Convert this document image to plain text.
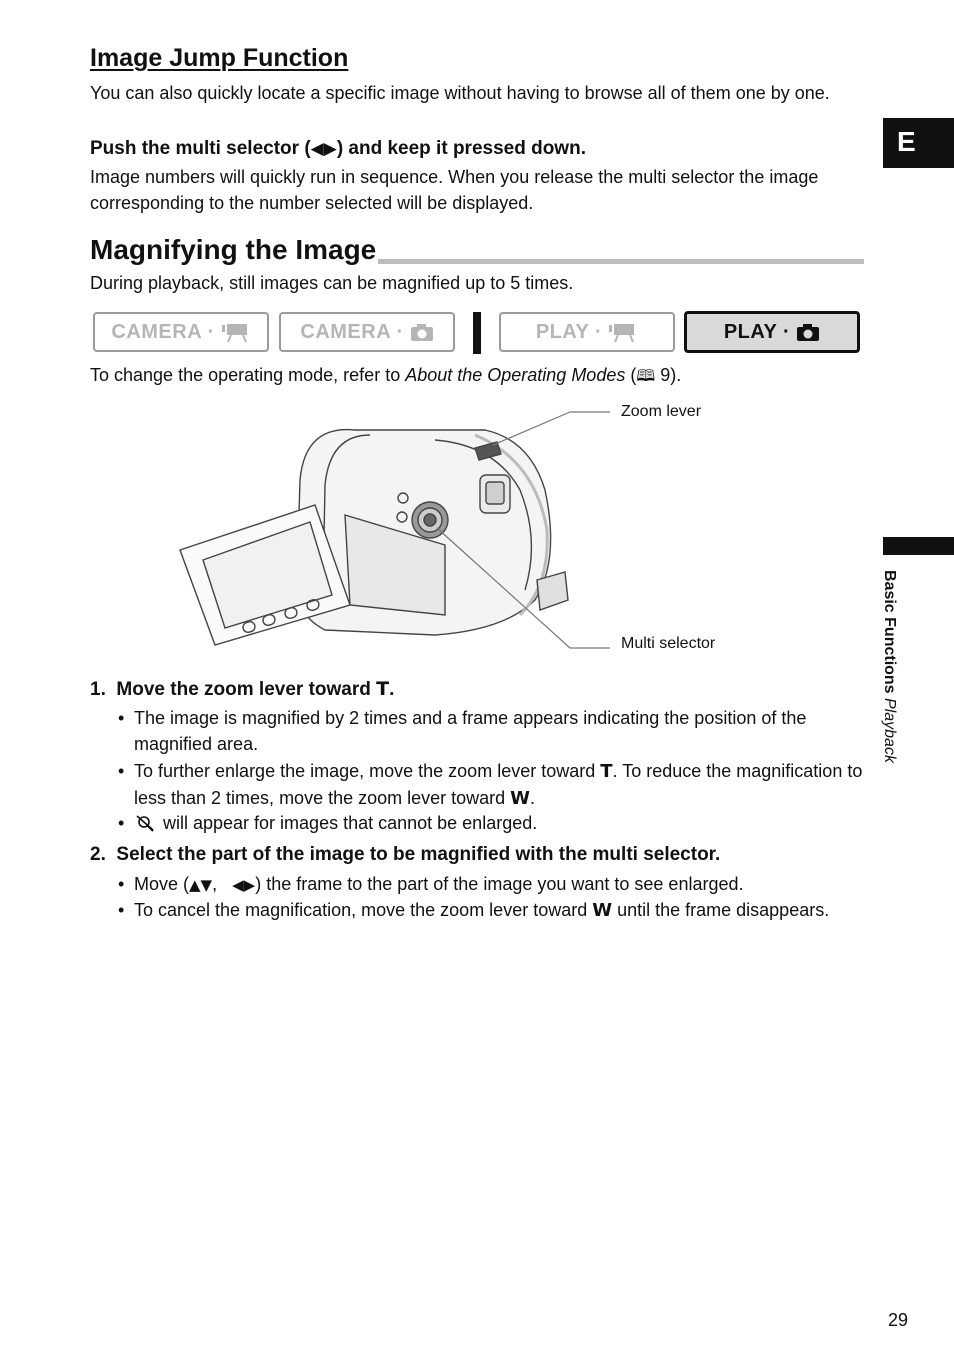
Image Jump Function
You can also quickly locate a specific image without having to browse all of them one by one.
Push the multi selector (◀▶) and keep it pressed down.
Image numbers will quickly run in sequence. When you release the multi selector the image corresponding to the number selected will be displayed.
Magnifying the Image
During playback, still images can be magnified up to 5 times.
CAMERA ·	CAMERA ·	PLAY ·	PLAY ·
To change the operating mode, refer to About the Operating Modes (🕮 9).
Zoom lever
Multi selector
1. Move the zoom lever toward T.
• The image is magnified by 2 times and a frame appears indicating the position of the magnified area.
• To further enlarge the image, move the zoom lever toward T. To reduce the magnification to less than 2 times, move the zoom lever toward W.
• will appear for images that cannot be enlarged.
2. Select the part of the image to be magnified with the multi selector.
• Move (▲▼,   ◀▶) the frame to the part of the image you want to see enlarged.
• To cancel the magnification, move the zoom lever toward W until the frame disappears.
E
Basic Functions Playback
29
